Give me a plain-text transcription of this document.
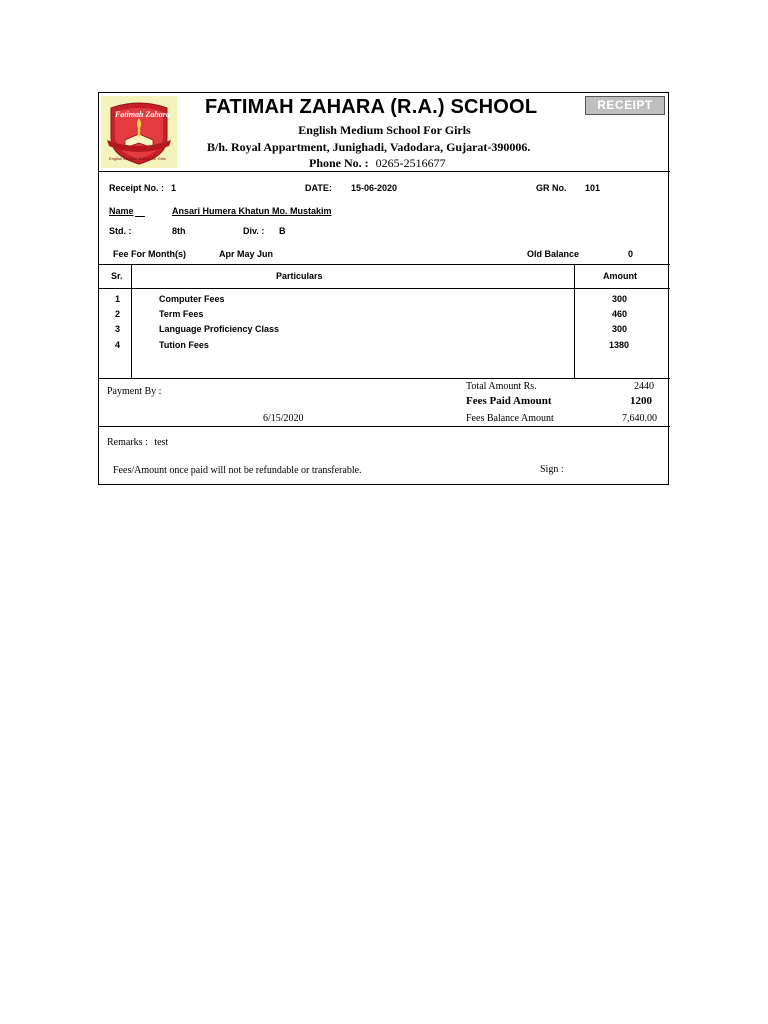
Fatimah Zahara
English Medium School for Girls
FATIMAH ZAHARA (R.A.) SCHOOL
English Medium School For Girls
B/h. Royal Appartment, Junighadi, Vadodara, Gujarat-390006.
Phone No. : 0265-2516677
RECEIPT
Receipt No. : 1	DATE: 15-06-2020	GR No. 101
Name	Ansari Humera Khatun Mo. Mustakim
Std. :	8th	Div. : B
Fee For Month(s)	Apr May Jun	Old Balance	0
Sr.	Particulars	Amount
1	Computer Fees	300
2	Term Fees	460
3	Language Proficiency Class	300
4	Tution Fees	1380
Payment By :	Total Amount Rs.	2440
Fees Paid Amount	1200
6/15/2020	Fees Balance Amount	7,640.00
Remarks : test
Fees/Amount once paid will not be refundable or transferable.	Sign :
